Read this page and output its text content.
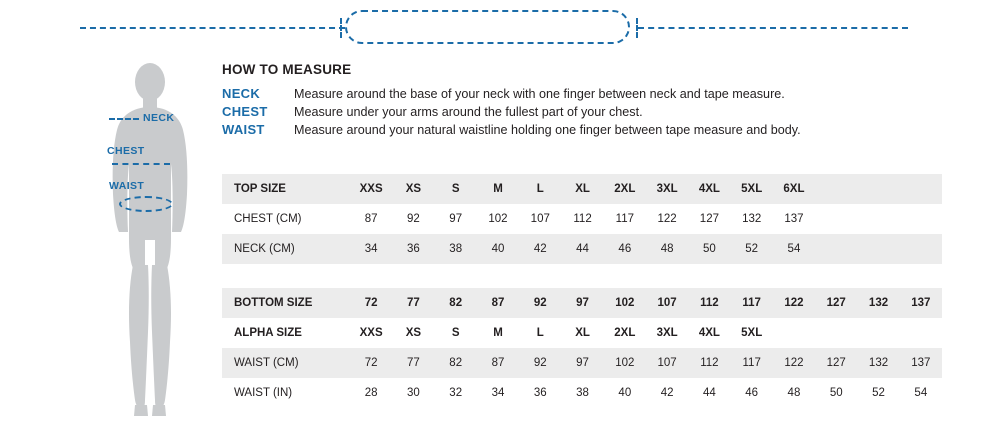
NECK
CHEST
WAIST
HOW TO MEASURE
NECK	Measure around the base of your neck with one finger between neck and tape measure.
CHEST	Measure under your arms around the fullest part of your chest.
WAIST	Measure around your natural waistline holding one finger between tape measure and body.
TOP SIZE	XXS	XS	S	M	L	XL	2XL	3XL	4XL	5XL	6XL			
CHEST (CM)	87	92	97	102	107	112	117	122	127	132	137			
NECK (CM)	34	36	38	40	42	44	46	48	50	52	54			
BOTTOM SIZE	72	77	82	87	92	97	102	107	112	117	122	127	132	137
ALPHA SIZE	XXS	XS	S	M	L	XL	2XL	3XL	4XL	5XL				
WAIST (CM)	72	77	82	87	92	97	102	107	112	117	122	127	132	137
WAIST (IN)	28	30	32	34	36	38	40	42	44	46	48	50	52	54
